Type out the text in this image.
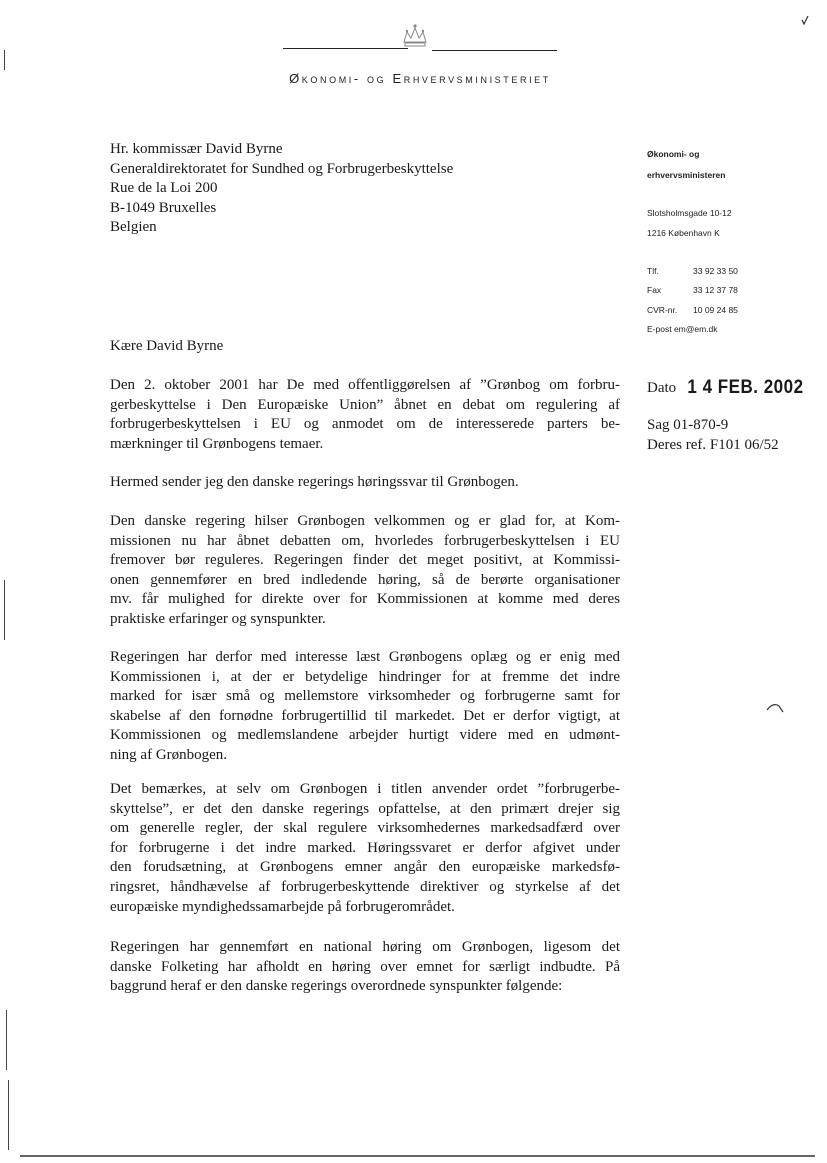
Økonomi- og Erhvervsministeriet
Hr. kommissær David Byrne
Generaldirektoratet for Sundhed og Forbrugerbeskyttelse
Rue de la Loi 200
B-1049 Bruxelles
Belgien
Økonomi- og
erhvervsministeren
Slotsholmsgade 10-12
1216 København K
Tlf.	33 92 33 50
Fax	33 12 37 78
CVR-nr. 10 09 24 85
E-post em@em.dk
Kære David Byrne
Dato 1 4 FEB. 2002
Sag 01-870-9
Deres ref. F101 06/52
Den 2. oktober 2001 har De med offentliggørelsen af ”Grønbog om forbru-
gerbeskyttelse i Den Europæiske Union” åbnet en debat om regulering af
forbrugerbeskyttelsen i EU og anmodet om de interesserede parters be-
mærkninger til Grønbogens temaer.
Hermed sender jeg den danske regerings høringssvar til Grønbogen.
Den danske regering hilser Grønbogen velkommen og er glad for, at Kom-
missionen nu har åbnet debatten om, hvorledes forbrugerbeskyttelsen i EU
fremover bør reguleres. Regeringen finder det meget positivt, at Kommissi-
onen gennemfører en bred indledende høring, så de berørte organisationer
mv. får mulighed for direkte over for Kommissionen at komme med deres
praktiske erfaringer og synspunkter.
Regeringen har derfor med interesse læst Grønbogens oplæg og er enig med
Kommissionen i, at der er betydelige hindringer for at fremme det indre
marked for især små og mellemstore virksomheder og forbrugerne samt for
skabelse af den fornødne forbrugertillid til markedet. Det er derfor vigtigt, at
Kommissionen og medlemslandene arbejder hurtigt videre med en udmønt-
ning af Grønbogen.
Det bemærkes, at selv om Grønbogen i titlen anvender ordet ”forbrugerbe-
skyttelse”, er det den danske regerings opfattelse, at den primært drejer sig
om generelle regler, der skal regulere virksomhedernes markedsadfærd over
for forbrugerne i det indre marked. Høringssvaret er derfor afgivet under
den forudsætning, at Grønbogens emner angår den europæiske markedsfø-
ringsret, håndhævelse af forbrugerbeskyttende direktiver og styrkelse af det
europæiske myndighedssamarbejde på forbrugerområdet.
Regeringen har gennemført en national høring om Grønbogen, ligesom det
danske Folketing har afholdt en høring over emnet for særligt indbudte. På
baggrund heraf er den danske regerings overordnede synspunkter følgende:
